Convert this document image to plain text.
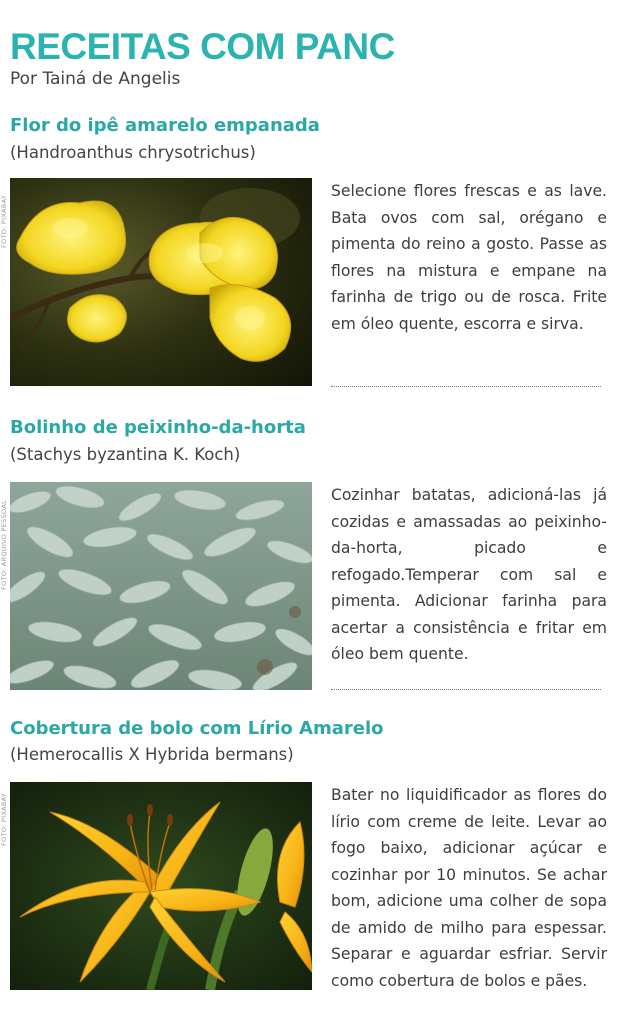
RECEITAS COM PANC
Por Tainá de Angelis
Flor do ipê amarelo empanada
(Handroanthus chrysotrichus)
FOTO: PIXABAY

Selecione flores frescas e as lave. Bata ovos com sal, orégano e pimenta do reino a gosto. Passe as flores na mistura e empane na farinha de trigo ou de rosca. Frite em óleo quente, escorra e sirva.

Bolinho de peixinho-da-horta
(Stachys byzantina K. Koch)
FOTO: ARQUIVO PESSOAL

Cozinhar batatas, adicioná-las já cozidas e amassadas ao peixinho-da-horta, picado e refogado.Temperar com sal e pimenta. Adicionar farinha para acertar a consistência e fritar em óleo bem quente.

Cobertura de bolo com Lírio Amarelo
(Hemerocallis X Hybrida bermans)
FOTO: PIXABAY	Bater no liquidificador as flores do lírio com creme de leite. Levar ao fogo baixo, adicionar açúcar e cozinhar por 10 minutos. Se achar bom, adicione uma colher de sopa de amido de milho para espessar. Separar e aguardar esfriar. Servir como cobertura de bolos e pães.
